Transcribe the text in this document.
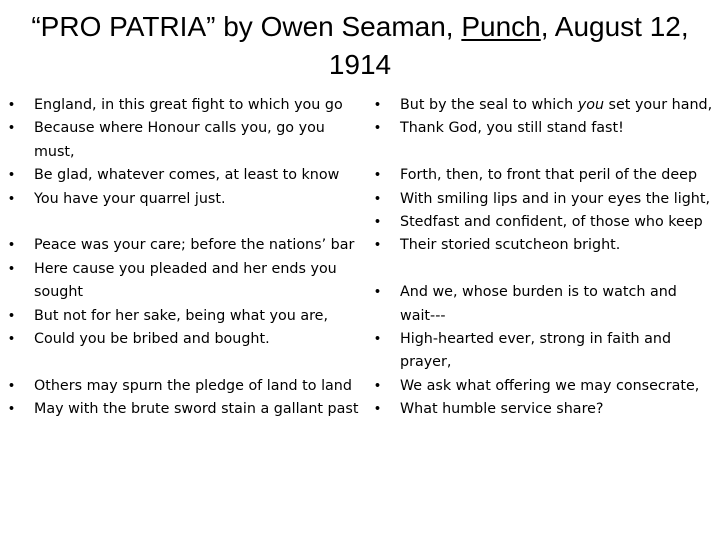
“PRO PATRIA” by Owen Seaman, Punch, August 12, 1914
• England, in this great fight to which you go
• Because where Honour calls you, go you must,
• Be glad, whatever comes, at least to know
• You have your quarrel just.
• Peace was your care; before the nations’ bar
• Here cause you pleaded and her ends you sought
• But not for her sake, being what you are,
• Could you be bribed and bought.
• Others may spurn the pledge of land to land
• May with the brute sword stain a gallant past
• But by the seal to which you set your hand,
• Thank God, you still stand fast!
• Forth, then, to front that peril of the deep
• With smiling lips and in your eyes the light,
• Stedfast and confident, of those who keep
• Their storied scutcheon bright.
• And we, whose burden is to watch and wait---
• High-hearted ever, strong in faith and prayer,
• We ask what offering we may consecrate,
• What humble service share?
